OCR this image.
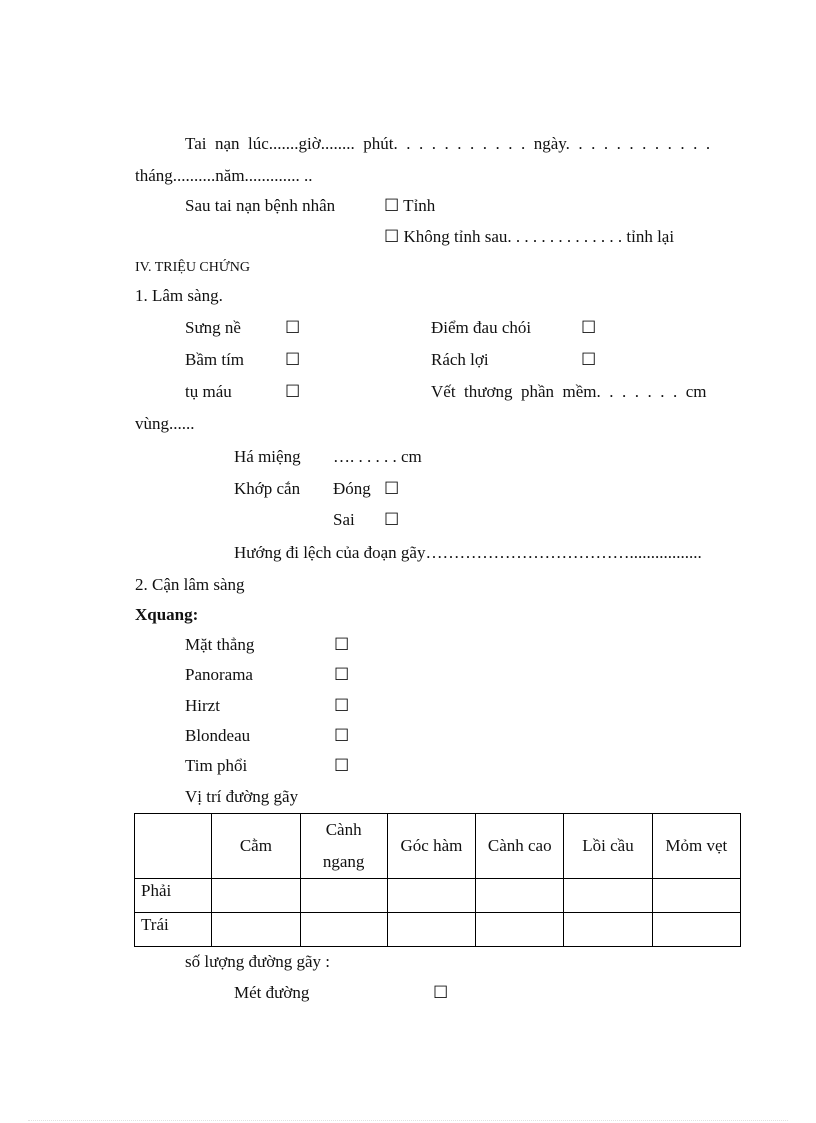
Tai  nạn  lúc.......giờ........  phút.  .  .  .  .  .  .  .  .  .  .  ngày.  .  .  .  .  .  .  .  .  .  .  .
tháng..........năm............. ..
Sau tai nạn bệnh nhân	☐ Tỉnh
☐ Không tỉnh sau. . . . . . . . . . . . . . tỉnh lại
IV. TRIỆU CHỨNG
1. Lâm sàng.
Sưng nề	☐	Điểm đau chói	☐
Bầm tím ☐	Rách lợi	☐
tụ máu	☐	Vết  thương  phần  mềm.  .  .  .  .  .  .  cm
vùng......
Há miệng …. . . . . . cm
Khớp cắn Đóng ☐
Sai ☐
Hướng đi lệch của đoạn gãy……………………………….................
2. Cận lâm sàng
Xquang:
Mặt thẳng	☐
Panorama	☐
Hirzt	☐
Blondeau	☐
Tim phổi	☐
Vị trí đường gãy
	Cằm	Cành ngang	Góc hàm	Cành cao	Lồi cầu	Mỏm vẹt
Phải						
Trái						
số lượng đường gãy :
Mét đường	☐
